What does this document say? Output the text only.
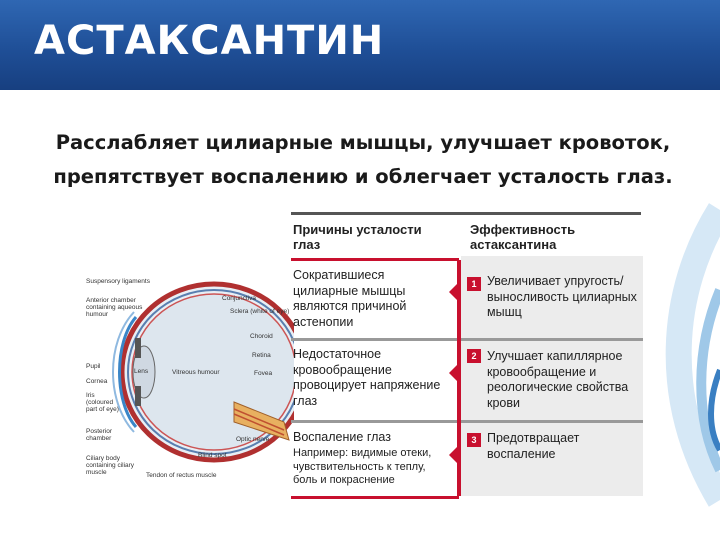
АСТАКСАНТИН
Расслабляет цилиарные мышцы, улучшает кровоток,
препятствует воспалению и облегчает усталость глаз.
Suspensory ligaments
Anterior chamber
containing aqueous
humour
Conjunctiva
Sclera (white of eye)
Choroid
Retina
Fovea
Pupil
Lens
Cornea
Vitreous humour
Iris
(coloured
part of eye)
Posterior
chamber
Ciliary body
containing ciliary
muscle
Optic nerve
Blind spot
Tendon of rectus muscle
Причины усталости глаз
Эффективность астаксантина
Сократившиеся цилиарные мышцы являются причиной астенопии
1 Увеличивает упругость/выносливость цилиарных мышц
Недостаточное кровообращение провоцирует напряжение глаз
2 Улучшает капиллярное кровообращение и реологические свойства крови
Воспаление глаз
Например: видимые отеки, чувствительность к теплу, боль и покраснение
3 Предотвращает воспаление
